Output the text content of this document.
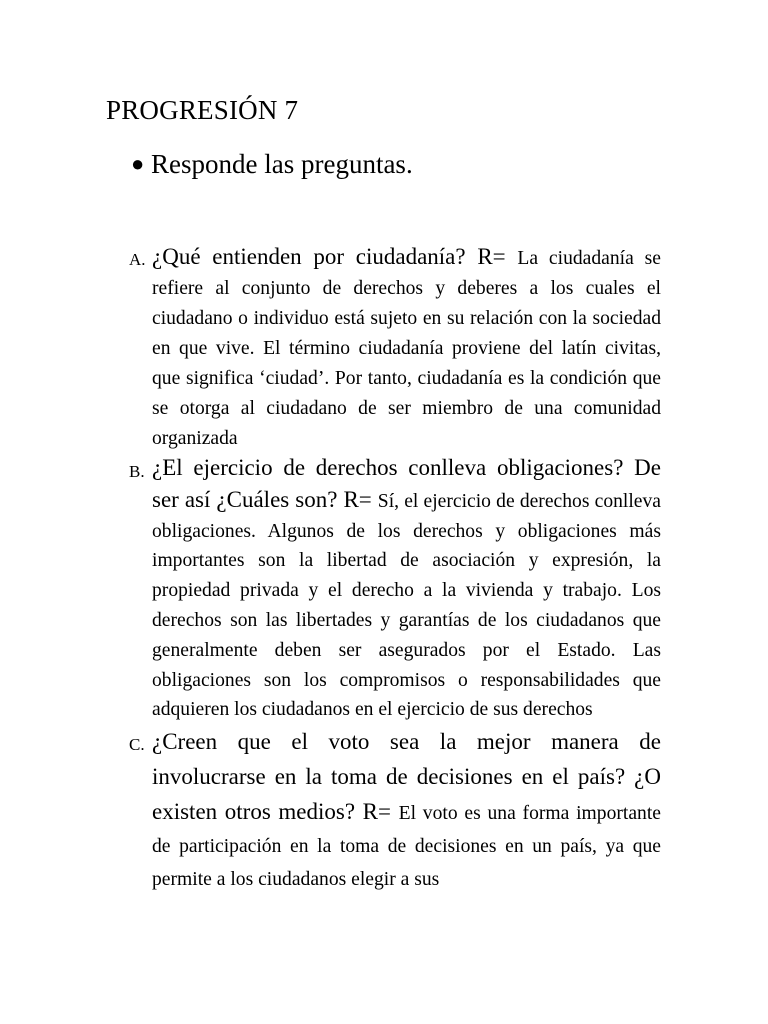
PROGRESIÓN 7
● Responde las preguntas.
A. ¿Qué entienden por ciudadanía? R= La ciudadanía se refiere al conjunto de derechos y deberes a los cuales el ciudadano o individuo está sujeto en su relación con la sociedad en que vive. El término ciudadanía proviene del latín civitas, que significa ‘ciudad’. Por tanto, ciudadanía es la condición que se otorga al ciudadano de ser miembro de una comunidad organizada
B. ¿El ejercicio de derechos conlleva obligaciones? De ser así ¿Cuáles son? R= Sí, el ejercicio de derechos conlleva obligaciones. Algunos de los derechos y obligaciones más importantes son la libertad de asociación y expresión, la propiedad privada y el derecho a la vivienda y trabajo. Los derechos son las libertades y garantías de los ciudadanos que generalmente deben ser asegurados por el Estado. Las obligaciones son los compromisos o responsabilidades que adquieren los ciudadanos en el ejercicio de sus derechos
C. ¿Creen que el voto sea la mejor manera de involucrarse en la toma de decisiones en el país? ¿O existen otros medios? R= El voto es una forma importante de participación en la toma de decisiones en un país, ya que permite a los ciudadanos elegir a sus
